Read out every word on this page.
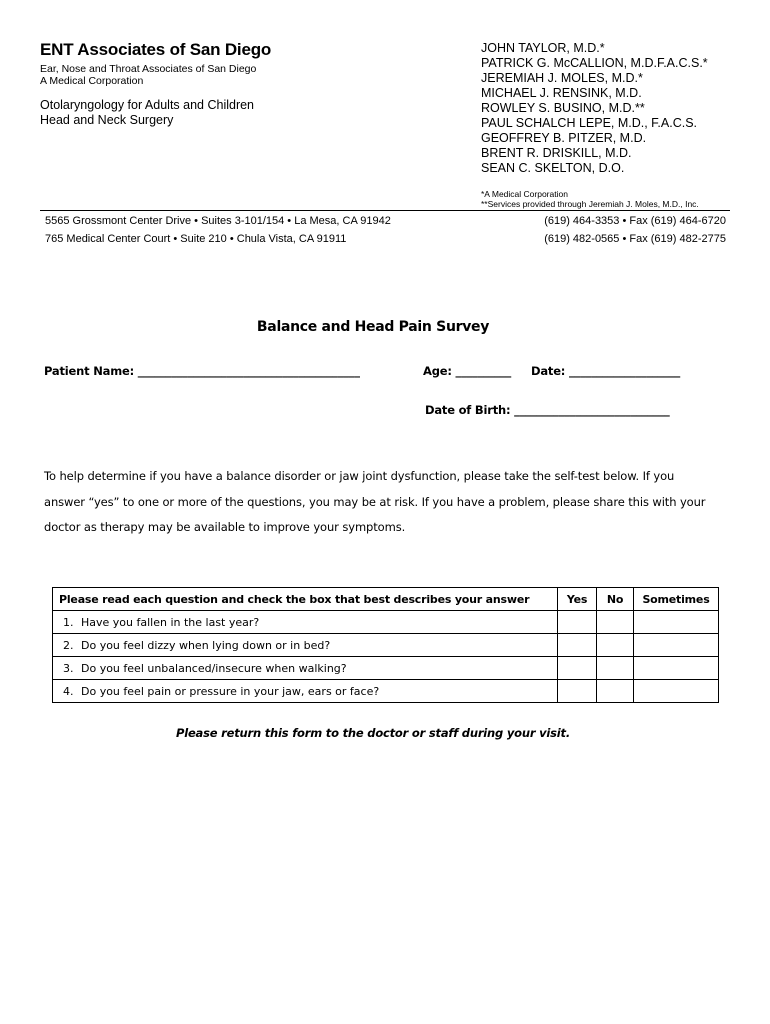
ENT Associates of San Diego
Ear, Nose and Throat Associates of San Diego
A Medical Corporation
Otolaryngology for Adults and Children
Head and Neck Surgery
JOHN TAYLOR, M.D.*
PATRICK G. McCALLION, M.D.F.A.C.S.*
JEREMIAH J. MOLES, M.D.*
MICHAEL J. RENSINK, M.D.
ROWLEY S. BUSINO, M.D.**
PAUL SCHALCH LEPE, M.D., F.A.C.S.
GEOFFREY B. PITZER, M.D.
BRENT R. DRISKILL, M.D.
SEAN C. SKELTON, D.O.
*A Medical Corporation
**Services provided through Jeremiah J. Moles, M.D., Inc.
5565 Grossmont Center Drive • Suites 3-101/154 • La Mesa, CA 91942
765 Medical Center Court • Suite 210 • Chula Vista, CA 91911
(619) 464-3353 • Fax (619) 464-6720
(619) 482-0565 • Fax (619) 482-2775
Balance and Head Pain Survey
Patient Name: ________________________________________	Age: __________ Date: ____________________
Date of Birth: ____________________________
To help determine if you have a balance disorder or jaw joint dysfunction, please take the self-test below. If you
answer “yes” to one or more of the questions, you may be at risk. If you have a problem, please share this with your
doctor as therapy may be available to improve your symptoms.
Please read each question and check the box that best describes your answer	Yes	No	Sometimes
1. Have you fallen in the last year?			
2. Do you feel dizzy when lying down or in bed?			
3. Do you feel unbalanced/insecure when walking?			
4. Do you feel pain or pressure in your jaw, ears or face?			
Please return this form to the doctor or staff during your visit.
